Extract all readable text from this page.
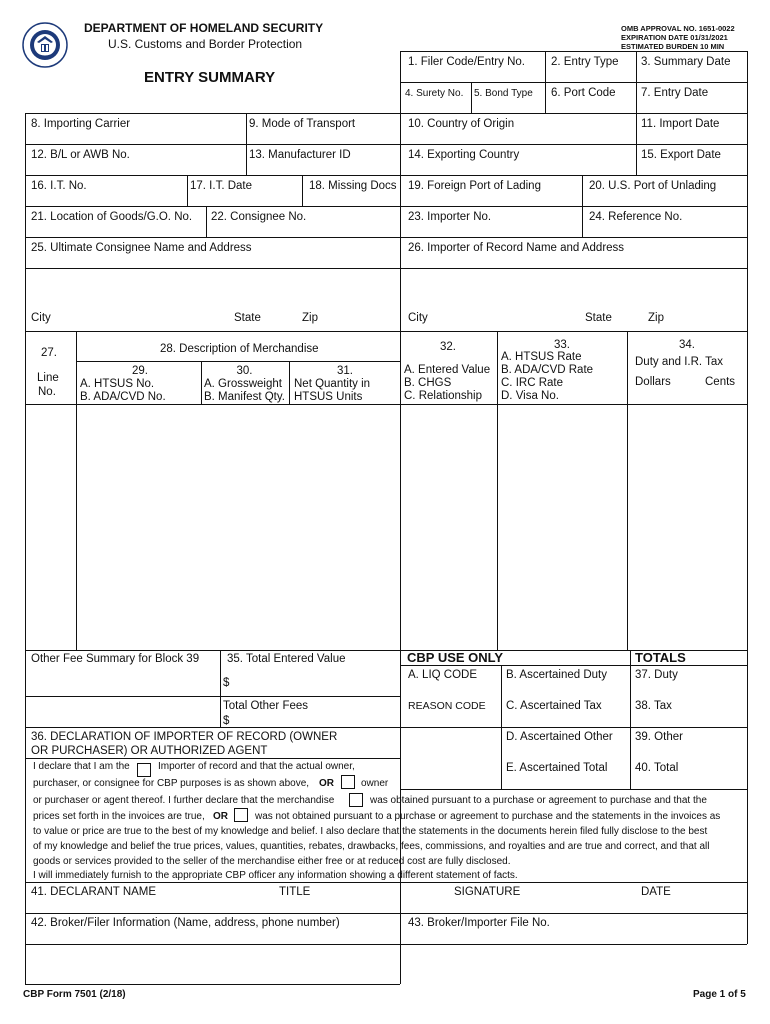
DEPARTMENT OF HOMELAND SECURITY
U.S. Customs and Border Protection
OMB APPROVAL NO. 1651-0022
EXPIRATION DATE 01/31/2021
ESTIMATED BURDEN 10 MIN
ENTRY SUMMARY
1. Filer Code/Entry No. 2. Entry Type 3. Summary Date
4. Surety No. 5. Bond Type 6. Port Code 7. Entry Date
8. Importing Carrier	9. Mode of Transport	10. Country of Origin	11. Import Date
12. B/L or AWB No.	13. Manufacturer ID	14. Exporting Country	15. Export Date
16. I.T. No.	17. I.T. Date	18. Missing Docs 19. Foreign Port of Lading	20. U.S. Port of Unlading
21. Location of Goods/G.O. No. 22. Consignee No.	23. Importer No.	24. Reference No.
25. Ultimate Consignee Name and Address	26. Importer of Record Name and Address
City	State	Zip	City	State	Zip
27.
Line
No.
28. Description of Merchandise
29.
A. HTSUS No.
B. ADA/CVD No.
30.
A. Grossweight
B. Manifest Qty.
31.
Net Quantity in
HTSUS Units
32.
A. Entered Value
B. CHGS
C. Relationship
33.
A. HTSUS Rate
B. ADA/CVD Rate
C. IRC Rate
D. Visa No.
34.
Duty and I.R. Tax
Dollars	Cents
Other Fee Summary for Block 39 35. Total Entered Value
$
Total Other Fees
$
CBP USE ONLY	TOTALS
A. LIQ CODE	B. Ascertained Duty 37. Duty
REASON CODE C. Ascertained Tax	38. Tax
D. Ascertained Other 39. Other
E. Ascertained Total 40. Total
36. DECLARATION OF IMPORTER OF RECORD (OWNER
OR PURCHASER) OR AUTHORIZED AGENT
I declare that I am the	Importer of record and that the actual owner,
purchaser, or consignee for CBP purposes is as shown above, OR	owner
or purchaser or agent thereof. I further declare that the merchandise	was obtained pursuant to a purchase or agreement to purchase and that the
prices set forth in the invoices are true, OR	was not obtained pursuant to a purchase or agreement to purchase and the statements in the invoices as
to value or price are true to the best of my knowledge and belief. I also declare that the statements in the documents herein filed fully disclose to the best
of my knowledge and belief the true prices, values, quantities, rebates, drawbacks, fees, commissions, and royalties and are true and correct, and that all
goods or services provided to the seller of the merchandise either free or at reduced cost are fully disclosed.
I will immediately furnish to the appropriate CBP officer any information showing a different statement of facts.
41. DECLARANT NAME	TITLE	SIGNATURE	DATE
42. Broker/Filer Information (Name, address, phone number)	43. Broker/Importer File No.
CBP Form 7501 (2/18)	Page 1 of 5
